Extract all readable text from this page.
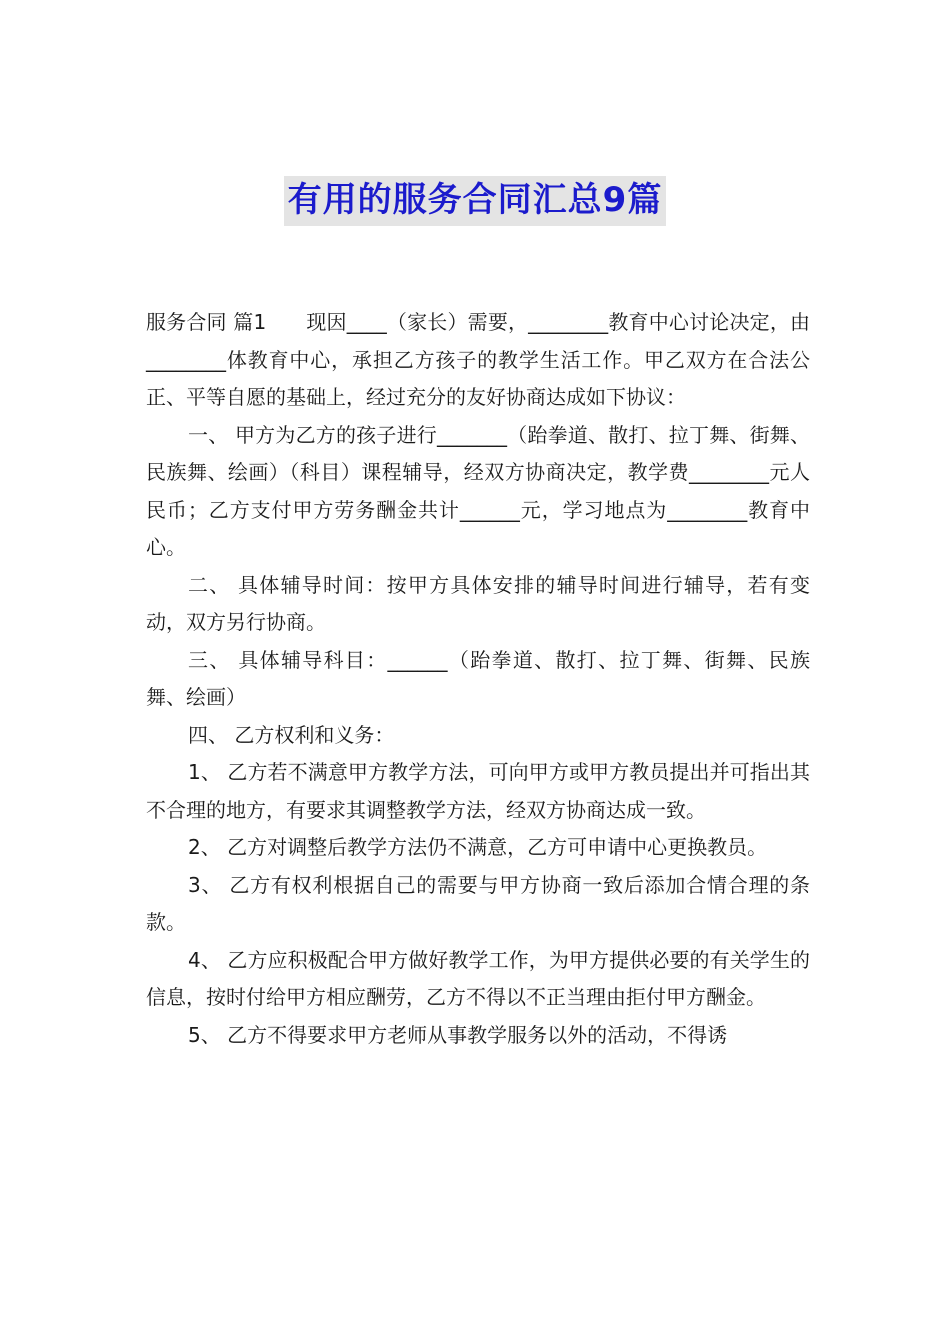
有用的服务合同汇总9篇

服务合同 篇1 现因____（家长）需要，________教育中心讨论决定，由________体教育中心，承担乙方孩子的教学生活工作。甲乙双方在合法公正、平等自愿的基础上，经过充分的友好协商达成如下协议：

一、 甲方为乙方的孩子进行_______（跆拳道、散打、拉丁舞、街舞、民族舞、绘画）（科目）课程辅导，经双方协商决定，教学费________元人民币；乙方支付甲方劳务酬金共计______元，学习地点为________教育中心。

二、 具体辅导时间：按甲方具体安排的辅导时间进行辅导，若有变动，双方另行协商。

三、 具体辅导科目：______（跆拳道、散打、拉丁舞、街舞、民族舞、绘画）

四、 乙方权利和义务：

1、 乙方若不满意甲方教学方法，可向甲方或甲方教员提出并可指出其不合理的地方，有要求其调整教学方法，经双方协商达成一致。

2、 乙方对调整后教学方法仍不满意，乙方可申请中心更换教员。

3、 乙方有权利根据自己的需要与甲方协商一致后添加合情合理的条款。

4、 乙方应积极配合甲方做好教学工作，为甲方提供必要的有关学生的信息，按时付给甲方相应酬劳，乙方不得以不正当理由拒付甲方酬金。

5、 乙方不得要求甲方老师从事教学服务以外的活动，不得诱
